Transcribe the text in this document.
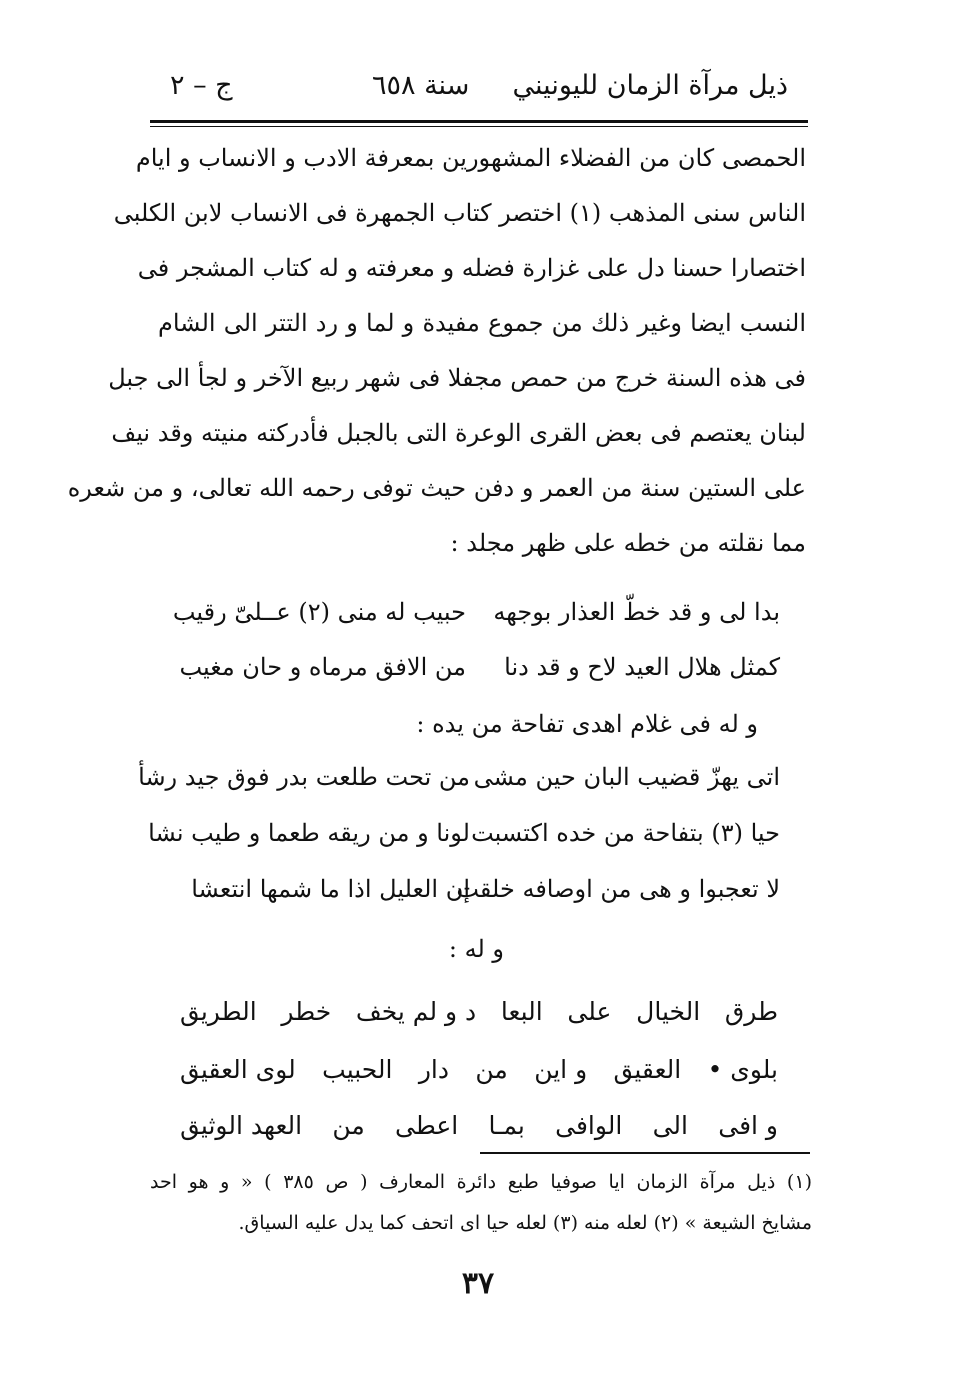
ذيل مرآة الزمان لليونيني  سنة ٦٥٨
ج – ٢
الحمصى كان من الفضلاء المشهورين بمعرفة الادب و الانساب و ايام
الناس سنى المذهب (١) اختصر كتاب الجمهرة فى الانساب لابن الكلبى
اختصارا حسنا دل على غزارة فضله و معرفته و له كتاب المشجر فى
النسب ايضا وغير ذلك من جموع مفيدة و لما و رد التتر الى الشام
فى هذه السنة خرج من حمص مجفلا فى شهر ربيع الآخر و لجأ الى جبل
لبنان يعتصم فى بعض القرى الوعرة التى بالجبل فأدركته منيته وقد نيف
على الستين سنة من العمر و دفن حيث توفى رحمه الله تعالى، و من شعره
مما نقلته من خطه على ظهر مجلد :
بدا لى و قد خطّ العذار بوجهه
حبيب له منى (٢) عــلىّ رقيب
كمثل هلال العيد لاح و قد دنا
من الافق مرماه و حان مغيب
و له فى غلام اهدى تفاحة من يده :
اتى يهزّ قضيب البان حين مشى
من تحت طلعت بدر فوق جيد رشأ
حيا (٣) بتفاحة من خده اكتسبت
لونا و من ريقه طعما و طيب نشا
لا تعجبوا و هى من اوصافه خلقت
إن العليل اذا ما شمها انتعشا
و له :
طرق
الخيال
على
البعا
د و لم يخف
خطر
الطريق
بلوى •
العقيق
و اين
من
دار
الحبيب
لوى العقيق
و افى
الى
الوافى
بمـا
اعطى
من
العهد الوثيق
(١) ذيل مرآة الزمان ايا صوفيا طبع دائرة المعارف ( ص ٣٨٥ ) « و هو احد
مشايخ الشيعة » (٢) لعله منه (٣) لعله حيا اى اتحف كما يدل عليه السياق.
٣٧
